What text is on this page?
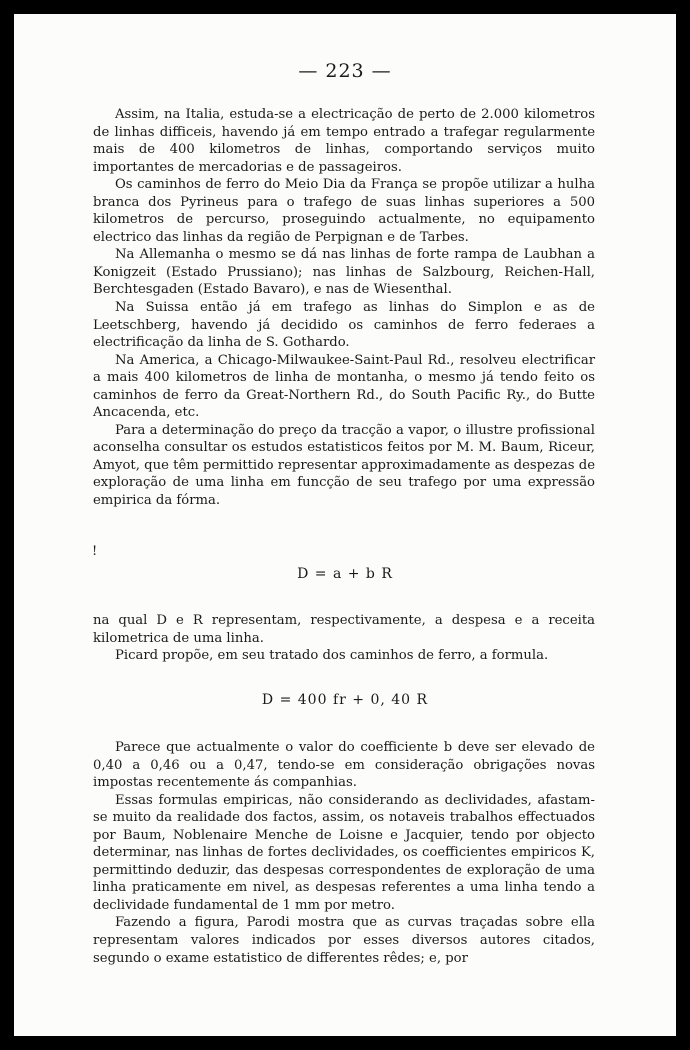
— 223 —

Assim, na Italia, estuda-se a electricação de perto de 2.000 kilometros de linhas difficeis, havendo já em tempo entrado a trafegar regularmente mais de 400 kilometros de linhas, comportando serviços muito importantes de mercadorias e de passageiros.

Os caminhos de ferro do Meio Dia da França se propõe utilizar a hulha branca dos Pyrineus para o trafego de suas linhas superiores a 500 kilometros de percurso, proseguindo actualmente, no equipamento electrico das linhas da região de Perpignan e de Tarbes.

Na Allemanha o mesmo se dá nas linhas de forte rampa de Laubhan a Konigzeit (Estado Prussiano); nas linhas de Salzbourg, Reichen-Hall, Berchtesgaden (Estado Bavaro), e nas de Wiesenthal.

Na Suissa então já em trafego as linhas do Simplon e as de Leetschberg, havendo já decidido os caminhos de ferro federaes a electrificação da linha de S. Gothardo.

Na America, a Chicago-Milwaukee-Saint-Paul Rd., resolveu electrificar a mais 400 kilometros de linha de montanha, o mesmo já tendo feito os caminhos de ferro da Great-Northern Rd., do South Pacific Ry., do Butte Ancacenda, etc.

Para a determinação do preço da tracção a vapor, o illustre profissional aconselha consultar os estudos estatisticos feitos por M. M. Baum, Riceur, Amyot, que têm permittido representar approximadamente as despezas de exploração de uma linha em funcção de seu trafego por uma expressão empirica da fórma.

!
D = a + b R

na qual D e R representam, respectivamente, a despesa e a receita kilometrica de uma linha.

Picard propõe, em seu tratado dos caminhos de ferro, a formula.

D = 400 fr + 0, 40 R

Parece que actualmente o valor do coefficiente b deve ser elevado de 0,40 a 0,46 ou a 0,47, tendo-se em consideração obrigações novas impostas recentemente ás companhias.

Essas formulas empiricas, não considerando as declividades, afastam-se muito da realidade dos factos, assim, os notaveis trabalhos effectuados por Baum, Noblenaire Menche de Loisne e Jacquier, tendo por objecto determinar, nas linhas de fortes declividades, os coefficientes empiricos K, permittindo deduzir, das despesas correspondentes de exploração de uma linha praticamente em nivel, as despesas referentes a uma linha tendo a declividade fundamental de 1 mm por metro.

Fazendo a figura, Parodi mostra que as curvas traçadas sobre ella representam valores indicados por esses diversos autores citados, segundo o exame estatistico de differentes rêdes; e, por
